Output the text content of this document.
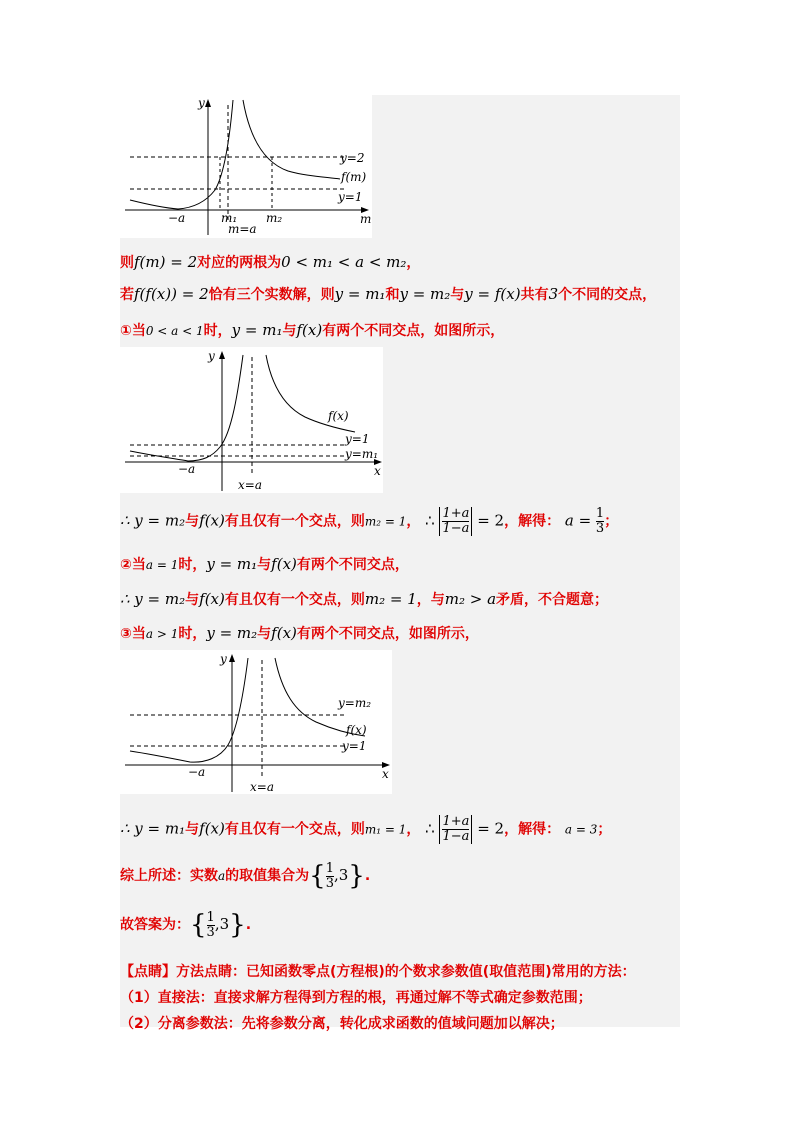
y
m
y=2
f(m)
y=1
−a	m₁ m₂
m=a
则f(m) = 2对应的两根为0 < m₁ < a < m₂，
若f(f(x)) = 2恰有三个实数解，则y = m₁和y = m₂与y = f(x)共有3个不同的交点，
①当0 < a < 1时，y = m₁与f(x)有两个不同交点，如图所示，
y
x
f(x)
y=1
y=m₁
−a
x=a
∴ y = m₂与f(x)有且仅有一个交点，则m₂ = 1， ∴ $\frac{1+a}{1-a} = 2$，解得： $a = \frac{1}{3}$ ；
②当a = 1时，y = m₁与f(x)有两个不同交点，
∴ y = m₂与f(x)有且仅有一个交点，则m₂ = 1，与m₂ > a矛盾，不合题意；
③当a > 1时，y = m₂与f(x)有两个不同交点，如图所示，
y
x
y=m₂
f(x)
y=1
−a
x=a
∴ y = m₁与f(x)有且仅有一个交点，则m₁ = 1， ∴ $\frac{1+a}{1-a} = 2$，解得： a = 3；
综上所述：实数a的取值集合为{ $\frac{1}{3} ,3$}.
故答案为：{ $\frac{1}{3} ,3$}.
【点睛】方法点睛：已知函数零点(方程根)的个数求参数值(取值范围)常用的方法：
（1）直接法：直接求解方程得到方程的根，再通过解不等式确定参数范围；
（2）分离参数法：先将参数分离，转化成求函数的值域问题加以解决；
